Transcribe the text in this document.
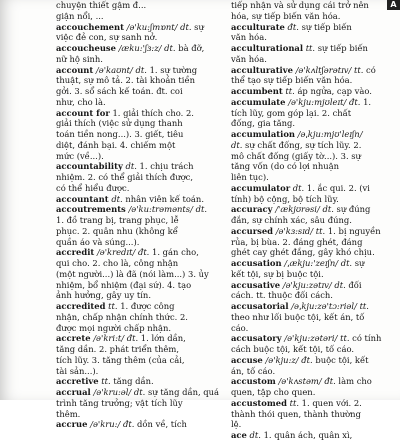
A

chuyện thiết gậm đ...

giận nổi, ...

accouchement /ə'ku:ʃmɒnt/ dt. sự

việc đẻ con, sự sanh nở.

accoucheuse /æku:'ʃɜ:z/ dt. bà đỡ,

nữ hộ sinh.

account /ə'kaʊnt/ dt. 1. sự tường

thuật, sự mô tả. 2. tài khoản tiền

gởi. 3. sổ sách kế toán. đt. coi

như, cho là.

account for 1. giải thích cho. 2.

giải thích (việc sử dụng thanh

toán tiền nong...). 3. giết, tiêu

diệt, đánh bại. 4. chiếm một

mức (về...).

accountability dt. 1. chịu trách

nhiệm. 2. có thể giải thích được,

có thể hiểu được.

accountant dt. nhân viên kế toán.

accoutrements /ə'ku:trəmənts/ dt.

1. đồ trang bị, trang phục, lễ

phục. 2. quân nhu (không kể

quần áo và súng...).

accredit /ə'kredɪt/ đt. 1. gán cho,

qui cho. 2. cho là, công nhận

(một người...) là đã (nói làm...) 3. ủy

nhiệm, bổ nhiệm (đại sứ). 4. tạo

ảnh hưởng, gây uy tín.

accredited tt. 1. được công

nhận, chấp nhận chính thức. 2.

được mọi người chấp nhận.

accrete /ə'kri:t/ đt. 1. lớn dần,

tăng dần. 2. phát triển thêm,

tích lũy. 3. tăng thêm (của cải,

tài sản...).

accretive tt. tăng dần.

accrual /ə'kru:əl/ dt. sự tăng dần, quá

trình tăng trưởng; vật tích lũy

thêm.

accrue /ə'kru:/ đt. dồn về, tích

tiếp nhận và sử dụng cái trở nên

hóa, sự tiếp biến văn hóa.

acculturate đt. sự tiếp biến

văn hóa.

acculturational tt. sự tiếp biến

văn hóa.

acculturative /ə'kʌltʃərətɪv/ tt. có

thể tạo sự tiếp biến văn hóa.

accumbent tt. áp ngửa, cạp vào.

accumulate /ə'kju:mjʊleɪt/ đt. 1.

tích lũy, gom góp lại. 2. chất

đống, gia tăng.

accumulation /əˌkju:mjʊ'leɪʃn/

dt. sự chất đống, sự tích lũy. 2.

mô chất đống (giấy tờ...). 3. sự

tăng vốn (do có lợi nhuận

liên tục).

accumulator dt. 1. ắc qui. 2. (vi

tính) bộ cộng, bộ tích lũy.

accuracy /'ækjʊrəsi/ dt. sự đúng

đắn, sự chính xác, sâu đúng.

accursed /ə'kɜ:sɪd/ tt. 1. bị nguyền

rủa, bị bùa. 2. đáng ghét, đáng

ghét cay ghét đắng, gây khó chịu.

accusation /ˌækju:'zeɪʃn/ dt. sự

kết tội, sự bị buộc tội.

accusative /ə'kju:zətɪv/ dt. đối

cách. tt. thuộc đối cách.

accusatorial /əˌkju:zə'tɔ:riəl/ tt.

theo như lối buộc tội, kết án, tố

cáo.

accusatory /ə'kju:zətəri/ tt. có tính

cách buộc tội, kết tội, tố cáo.

accuse /ə'kju:z/ đt. buộc tội, kết

án, tố cáo.

accustom /ə'kʌstəm/ đt. làm cho

quen, tập cho quen.

accustomed tt. 1. quen với. 2.

thành thói quen, thành thường

lệ.

ace dt. 1. quân ách, quân xì,
